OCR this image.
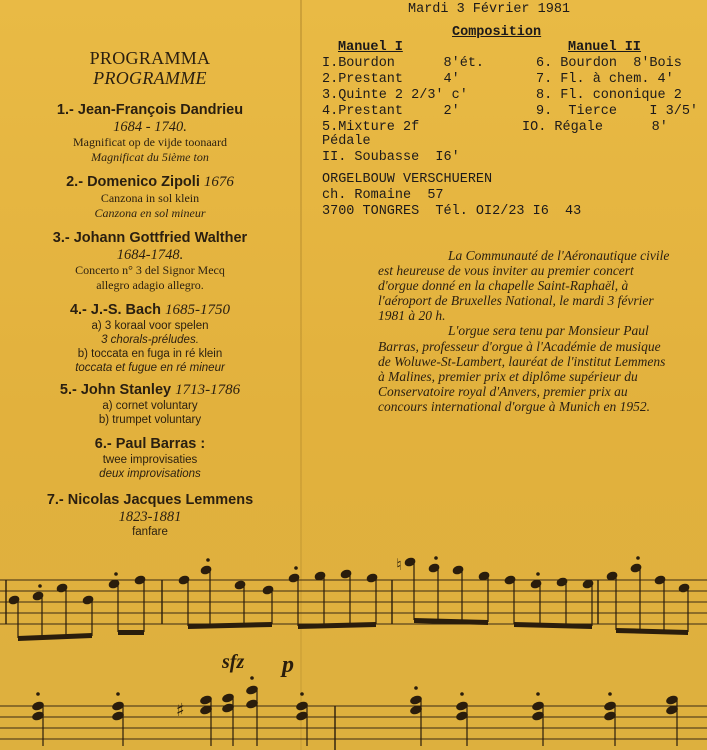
PROGRAMMA
PROGRAMME
1.- Jean-François Dandrieu
1684 - 1740.
Magnificat op de vijde toonaard
Magnificat du 5ième ton
2.- Domenico Zipoli 1676
Canzona in sol klein
Canzona en sol mineur
3.- Johann Gottfried Walther
1684-1748.
Concerto n° 3 del Signor Mecq
allegro adagio allegro.
4.- J.-S. Bach 1685-1750
a) 3 koraal voor spelen
3 chorals-préludes.
b) toccata en fuga in ré klein
toccata et fugue en ré mineur
5.- John Stanley 1713-1786
a) cornet voluntary
b) trumpet voluntary
6.- Paul Barras :
twee improvisaties
deux improvisations
7.- Nicolas Jacques Lemmens
1823-1881
fanfare
Mardi 3 Février 1981
Composition
Manuel I	Manuel II
I.Bourdon      8'ét.
2.Prestant     4'
3.Quinte 2 2/3' c'
4.Prestant     2'
5.Mixture 2f
6. Bourdon  8'Bois
7. Fl. à chem. 4'
8. Fl. cononique 2
9.  Tierce    I 3/5'
IO. Régale      8'
Pédale
II. Soubasse  I6'
ORGELBOUW VERSCHUEREN
ch. Romaine  57
3700 TONGRES  Tél. OI2/23 I6  43

La Communauté de l'Aéronautique civile est heureuse de vous inviter au premier concert d'orgue donné en la chapelle Saint-Raphaël, à l'aéroport de Bruxelles National, le mardi 3 février 1981 à 20 h.

L'orgue sera tenu par Monsieur Paul Barras, professeur d'orgue à l'Académie de musique de Woluwe-St-Lambert, lauréat de l'institut Lemmens à Malines, premier prix et diplôme supérieur du Conservatoire royal d'Anvers, premier prix au concours international d'orgue à Munich en 1952.

♮
sfz p
♯
